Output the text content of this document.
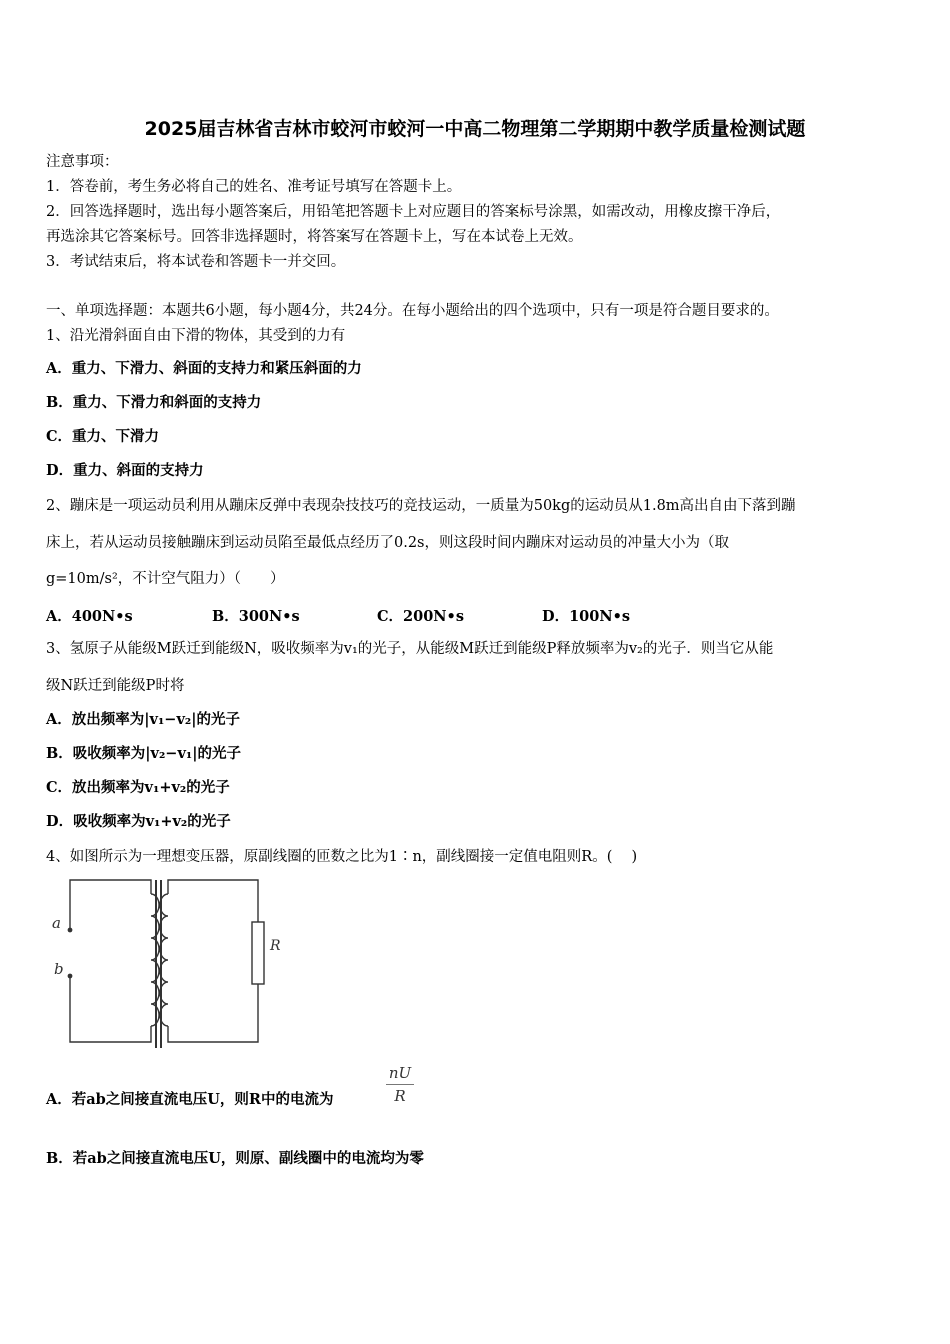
2025届吉林省吉林市蛟河市蛟河一中高二物理第二学期期中教学质量检测试题
注意事项：
1．答卷前，考生务必将自己的姓名、准考证号填写在答题卡上。
2．回答选择题时，选出每小题答案后，用铅笔把答题卡上对应题目的答案标号涂黑，如需改动，用橡皮擦干净后，
再选涂其它答案标号。回答非选择题时，将答案写在答题卡上，写在本试卷上无效。
3．考试结束后，将本试卷和答题卡一并交回。
一、单项选择题：本题共6小题，每小题4分，共24分。在每小题给出的四个选项中，只有一项是符合题目要求的。
1、沿光滑斜面自由下滑的物体，其受到的力有
A．重力、下滑力、斜面的支持力和紧压斜面的力
B．重力、下滑力和斜面的支持力
C．重力、下滑力
D．重力、斜面的支持力
2、蹦床是一项运动员利用从蹦床反弹中表现杂技技巧的竞技运动，一质量为50kg的运动员从1.8m高出自由下落到蹦
床上，若从运动员接触蹦床到运动员陷至最低点经历了0.2s，则这段时间内蹦床对运动员的冲量大小为（取
g=10m/s²，不计空气阻力）（　　）
A．400N•s	B．300N•s	C．200N•s	D．100N•s
3、氢原子从能级M跃迁到能级N，吸收频率为v₁的光子，从能级M跃迁到能级P释放频率为v₂的光子．则当它从能
级N跃迁到能级P时将
A．放出频率为|v₁−v₂|的光子
B．吸收频率为|v₂−v₁|的光子
C．放出频率为v₁+v₂的光子
D．吸收频率为v₁+v₂的光子
4、如图所示为一理想变压器，原副线圈的匝数之比为1∶n，副线圈接一定值电阻则R。(　 )
a
b
R
A．若ab之间接直流电压U，则R中的电流为
nU
R
B．若ab之间接直流电压U，则原、副线圈中的电流均为零
